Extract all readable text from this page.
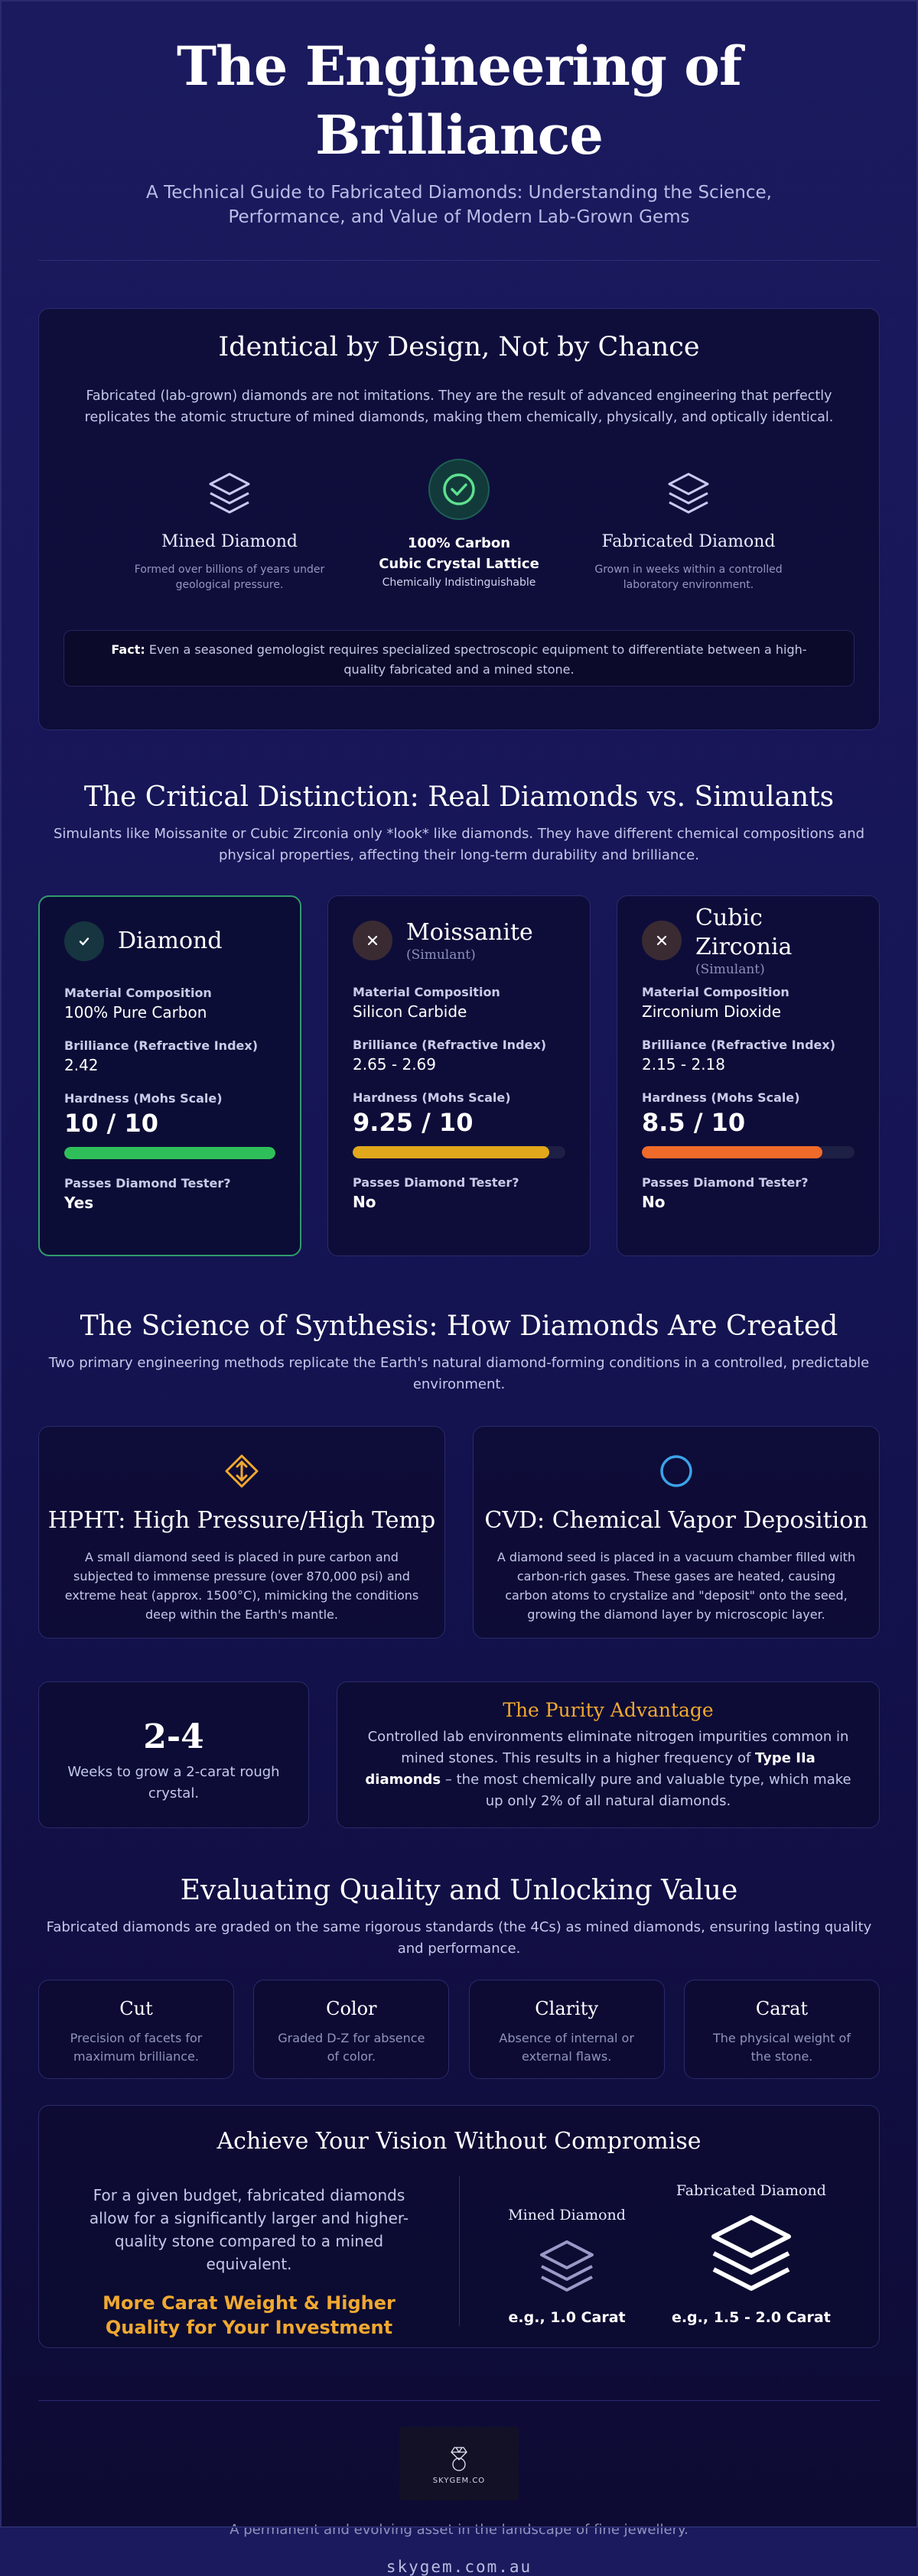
The Engineering of Brilliance

A Technical Guide to Fabricated Diamonds: Understanding the Science, Performance, and Value of Modern Lab-Grown Gems

Identical by Design, Not by Chance

Fabricated (lab-grown) diamonds are not imitations. They are the result of advanced engineering that perfectly replicates the atomic structure of mined diamonds, making them chemically, physically, and optically identical.

Mined Diamond
Formed over billions of years under geological pressure.
100% Carbon
Cubic Crystal Lattice
Chemically Indistinguishable
Fabricated Diamond
Grown in weeks within a controlled laboratory environment.
Fact: Even a seasoned gemologist requires specialized spectroscopic equipment to differentiate between a high-quality fabricated and a mined stone.
The Critical Distinction: Real Diamonds vs. Simulants

Simulants like Moissanite or Cubic Zirconia only *look* like diamonds. They have different chemical compositions and physical properties, affecting their long-term durability and brilliance.

Diamond
Material Composition
100% Pure Carbon
Brilliance (Refractive Index)
2.42
Hardness (Mohs Scale)
10 / 10
Passes Diamond Tester?
Yes
Moissanite
(Simulant)
Material Composition
Silicon Carbide
Brilliance (Refractive Index)
2.65 - 2.69
Hardness (Mohs Scale)
9.25 / 10
Passes Diamond Tester?
No
Cubic Zirconia
(Simulant)
Material Composition
Zirconium Dioxide
Brilliance (Refractive Index)
2.15 - 2.18
Hardness (Mohs Scale)
8.5 / 10
Passes Diamond Tester?
No
The Science of Synthesis: How Diamonds Are Created

Two primary engineering methods replicate the Earth's natural diamond-forming conditions in a controlled, predictable environment.

HPHT: High Pressure/High Temp

A small diamond seed is placed in pure carbon and subjected to immense pressure (over 870,000 psi) and extreme heat (approx. 1500°C), mimicking the conditions deep within the Earth's mantle.

CVD: Chemical Vapor Deposition

A diamond seed is placed in a vacuum chamber filled with carbon-rich gases. These gases are heated, causing carbon atoms to crystalize and "deposit" onto the seed, growing the diamond layer by microscopic layer.

2-4
Weeks to grow a 2-carat rough crystal.
The Purity Advantage

Controlled lab environments eliminate nitrogen impurities common in mined stones. This results in a higher frequency of Type IIa diamonds – the most chemically pure and valuable type, which make up only 2% of all natural diamonds.

Evaluating Quality and Unlocking Value

Fabricated diamonds are graded on the same rigorous standards (the 4Cs) as mined diamonds, ensuring lasting quality and performance.

Cut
Precision of facets for maximum brilliance.
Color
Graded D-Z for absence of color.
Clarity
Absence of internal or external flaws.
Carat
The physical weight of the stone.
Achieve Your Vision Without Compromise

For a given budget, fabricated diamonds allow for a significantly larger and higher-quality stone compared to a mined equivalent.

More Carat Weight & Higher Quality for Your Investment
Mined Diamond
e.g., 1.0 Carat
Fabricated Diamond
e.g., 1.5 - 2.0 Carat
SKYGEM.CO
A permanent and evolving asset in the landscape of fine jewellery.
skygem.com.au
